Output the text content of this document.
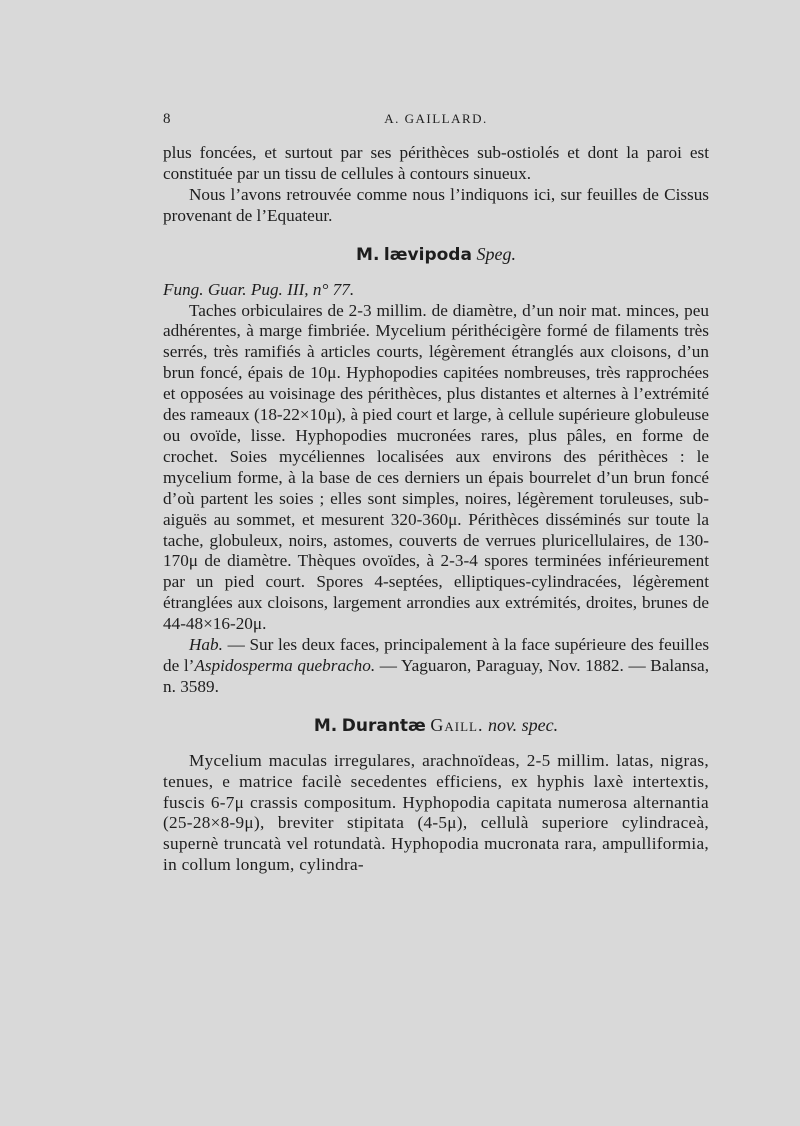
8	A. GAILLARD.

plus foncées, et surtout par ses périthèces sub-ostiolés et dont la paroi est constituée par un tissu de cellules à contours sinueux.

Nous l’avons retrouvée comme nous l’indiquons ici, sur feuilles de Cissus provenant de l’Equateur.

M. lævipoda Speg.

Fung. Guar. Pug. III, n° 77.

Taches orbiculaires de 2-3 millim. de diamètre, d’un noir mat. minces, peu adhérentes, à marge fimbriée. Mycelium périthécigère formé de filaments très serrés, très ramifiés à articles courts, légèrement étranglés aux cloisons, d’un brun foncé, épais de 10μ. Hyphopodies capitées nombreuses, très rapprochées et opposées au voisinage des périthèces, plus distantes et alternes à l’extrémité des rameaux (18-22×10μ), à pied court et large, à cellule supérieure globuleuse ou ovoïde, lisse. Hyphopodies mucronées rares, plus pâles, en forme de crochet. Soies mycéliennes localisées aux environs des périthèces : le mycelium forme, à la base de ces derniers un épais bourrelet d’un brun foncé d’où partent les soies ; elles sont simples, noires, légèrement toruleuses, sub-aiguës au sommet, et mesurent 320-360μ. Périthèces disséminés sur toute la tache, globuleux, noirs, astomes, couverts de verrues pluricellulaires, de 130-170μ de diamètre. Thèques ovoïdes, à 2-3-4 spores terminées inférieurement par un pied court. Spores 4-septées, elliptiques-cylindracées, légèrement étranglées aux cloisons, largement arrondies aux extrémités, droites, brunes de 44-48×16-20μ.

Hab. — Sur les deux faces, principalement à la face supérieure des feuilles de l’Aspidosperma quebracho. — Yaguaron, Paraguay, Nov. 1882. — Balansa, n. 3589.

M. Durantæ Gaill. nov. spec.

Mycelium maculas irregulares, arachnoïdeas, 2-5 millim. latas, nigras, tenues, e matrice facilè secedentes efficiens, ex hyphis laxè intertextis, fuscis 6-7μ crassis compositum. Hyphopodia capitata numerosa alternantia (25-28×8-9μ), breviter stipitata (4-5μ), cellulà superiore cylindraceà, supernè truncatà vel rotundatà. Hyphopodia mucronata rara, ampulliformia, in collum longum, cylindra-
